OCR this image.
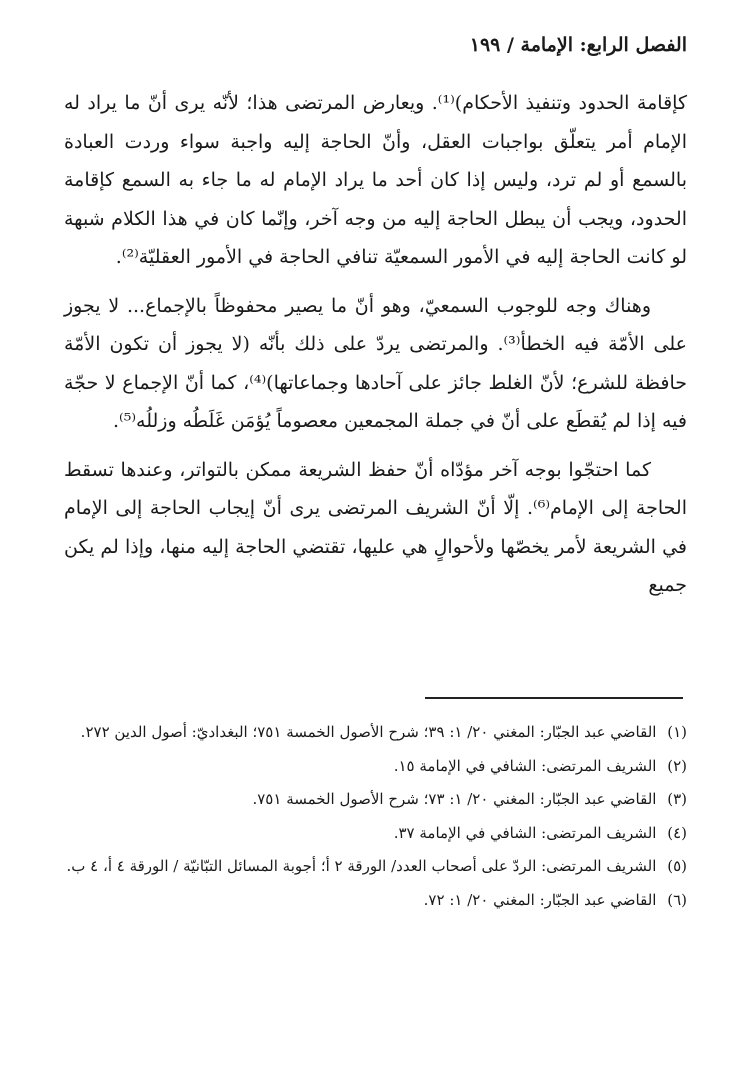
الفصل الرابع: الإمامة / ١٩٩

كإقامة الحدود وتنفيذ الأحكام)⁽¹⁾. ويعارض المرتضى هذا؛ لأنّه يرى أنّ ما يراد له الإمام أمر يتعلّق بواجبات العقل، وأنّ الحاجة إليه واجبة سواء وردت العبادة بالسمع أو لم ترد، وليس إذا كان أحد ما يراد الإمام له ما جاء به السمع كإقامة الحدود، ويجب أن يبطل الحاجة إليه من وجه آخر، وإنّما كان في هذا الكلام شبهة لو كانت الحاجة إليه في الأمور السمعيّة تنافي الحاجة في الأمور العقليّة⁽²⁾.

وهناك وجه للوجوب السمعيّ، وهو أنّ ما يصير محفوظاً بالإجماع... لا يجوز على الأمّة فيه الخطأ⁽³⁾. والمرتضى يردّ على ذلك بأنّه (لا يجوز أن تكون الأمّة حافظة للشرع؛ لأنّ الغلط جائز على آحادها وجماعاتها)⁽⁴⁾، كما أنّ الإجماع لا حجّة فيه إذا لم يُقطَع على أنّ في جملة المجمعين معصوماً يُؤمَن غَلَطُه وزللُه⁽⁵⁾.

كما احتجّوا بوجه آخر مؤدّاه أنّ حفظ الشريعة ممكن بالتواتر، وعندها تسقط الحاجة إلى الإمام⁽⁶⁾. إلّا أنّ الشريف المرتضى يرى أنّ إيجاب الحاجة إلى الإمام في الشريعة لأمر يخصّها ولأحوالٍ هي عليها، تقتضي الحاجة إليه منها، وإذا لم يكن جميع

(١) القاضي عبد الجبّار: المغني ٢٠/ ١: ٣٩؛ شرح الأصول الخمسة ٧٥١؛ البغداديّ: أصول الدين ٢٧٢.

(٢) الشريف المرتضى: الشافي في الإمامة ١٥.

(٣) القاضي عبد الجبّار: المغني ٢٠/ ١: ٧٣؛ شرح الأصول الخمسة ٧٥١.

(٤) الشريف المرتضى: الشافي في الإمامة ٣٧.

(٥) الشريف المرتضى: الردّ على أصحاب العدد/ الورقة ٢ أ؛ أجوبة المسائل التبّانيّة / الورقة ٤ أ، ٤ ب.

(٦) القاضي عبد الجبّار: المغني ٢٠/ ١: ٧٢.
